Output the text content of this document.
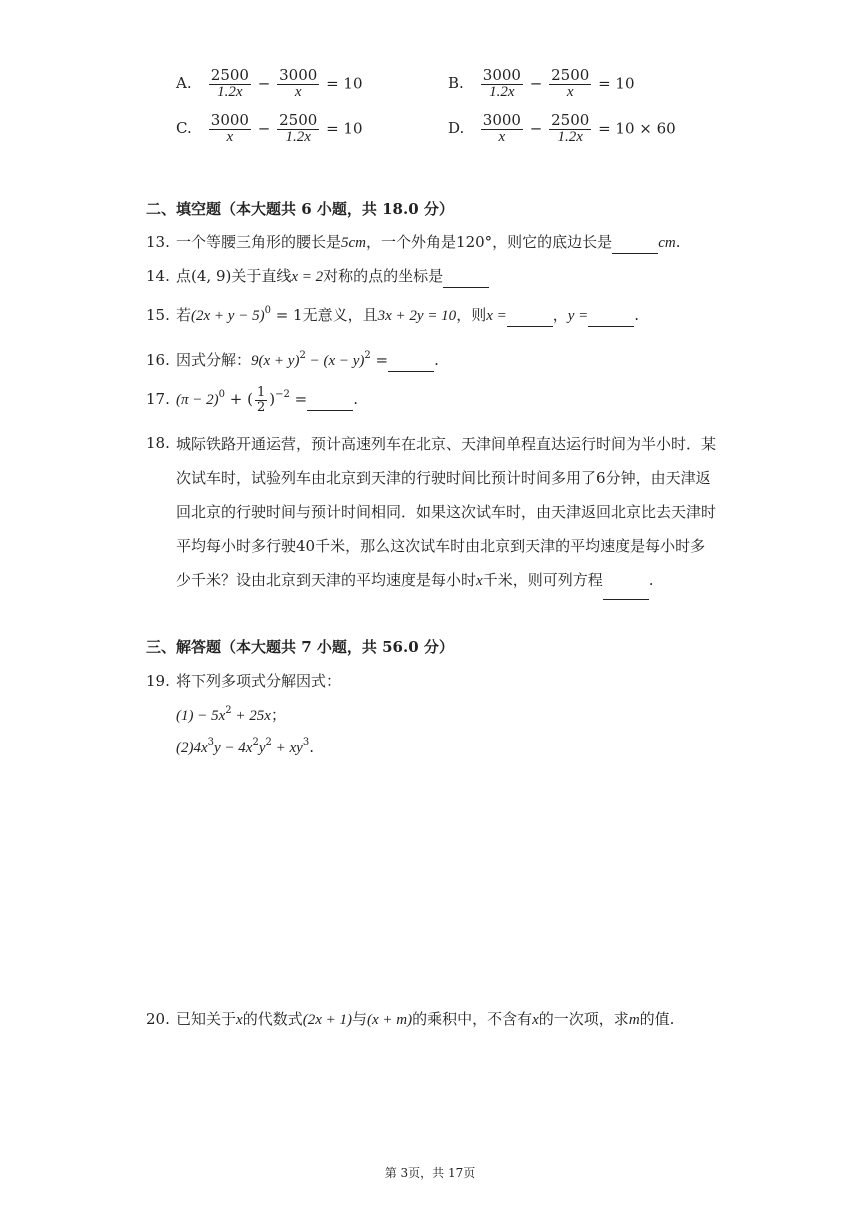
A. $\frac{2500}{1.2x} - \frac{3000}{x} = 10$	B. $\frac{3000}{1.2x} - \frac{2500}{x} = 10$
C. $\frac{3000}{x} - \frac{2500}{1.2x} = 10$	D. $\frac{3000}{x} - \frac{2500}{1.2x} = 10 \times 60$
二、填空题（本大题共 6 小题，共 18.0 分）
13. 一个等腰三角形的腰长是5cm，一个外角是120°，则它的底边长是	cm.
14. 点(4, 9)关于直线x = 2对称的点的坐标是
15. 若$(2x + y - 5)^0 = 1$无意义，且3x + 2y = 10，则x =	，y =	.
16. 因式分解：$9(x + y)^2 - (x - y)^2$ =	.
17. $(\pi - 2)^0$ + ( $\frac{1}{2} )^{-2}$ =	.
18. 城际铁路开通运营，预计高速列车在北京、天津间单程直达运行时间为半小时．某
次试车时，试验列车由北京到天津的行驶时间比预计时间多用了6分钟，由天津返
回北京的行驶时间与预计时间相同．如果这次试车时，由天津返回北京比去天津时
平均每小时多行驶40千米，那么这次试车时由北京到天津的平均速度是每小时多
少千米？设由北京到天津的平均速度是每小时x千米，则可列方程	.
三、解答题（本大题共 7 小题，共 56.0 分）
19. 将下列多项式分解因式：
$(1) - 5x^2 + 25x$；
$(2)4x^3y - 4x^2y^2 + xy^3$.
20. 已知关于x的代数式(2x + 1)与(x + m)的乘积中，不含有x的一次项，求m的值.
第 3页，共 17页
